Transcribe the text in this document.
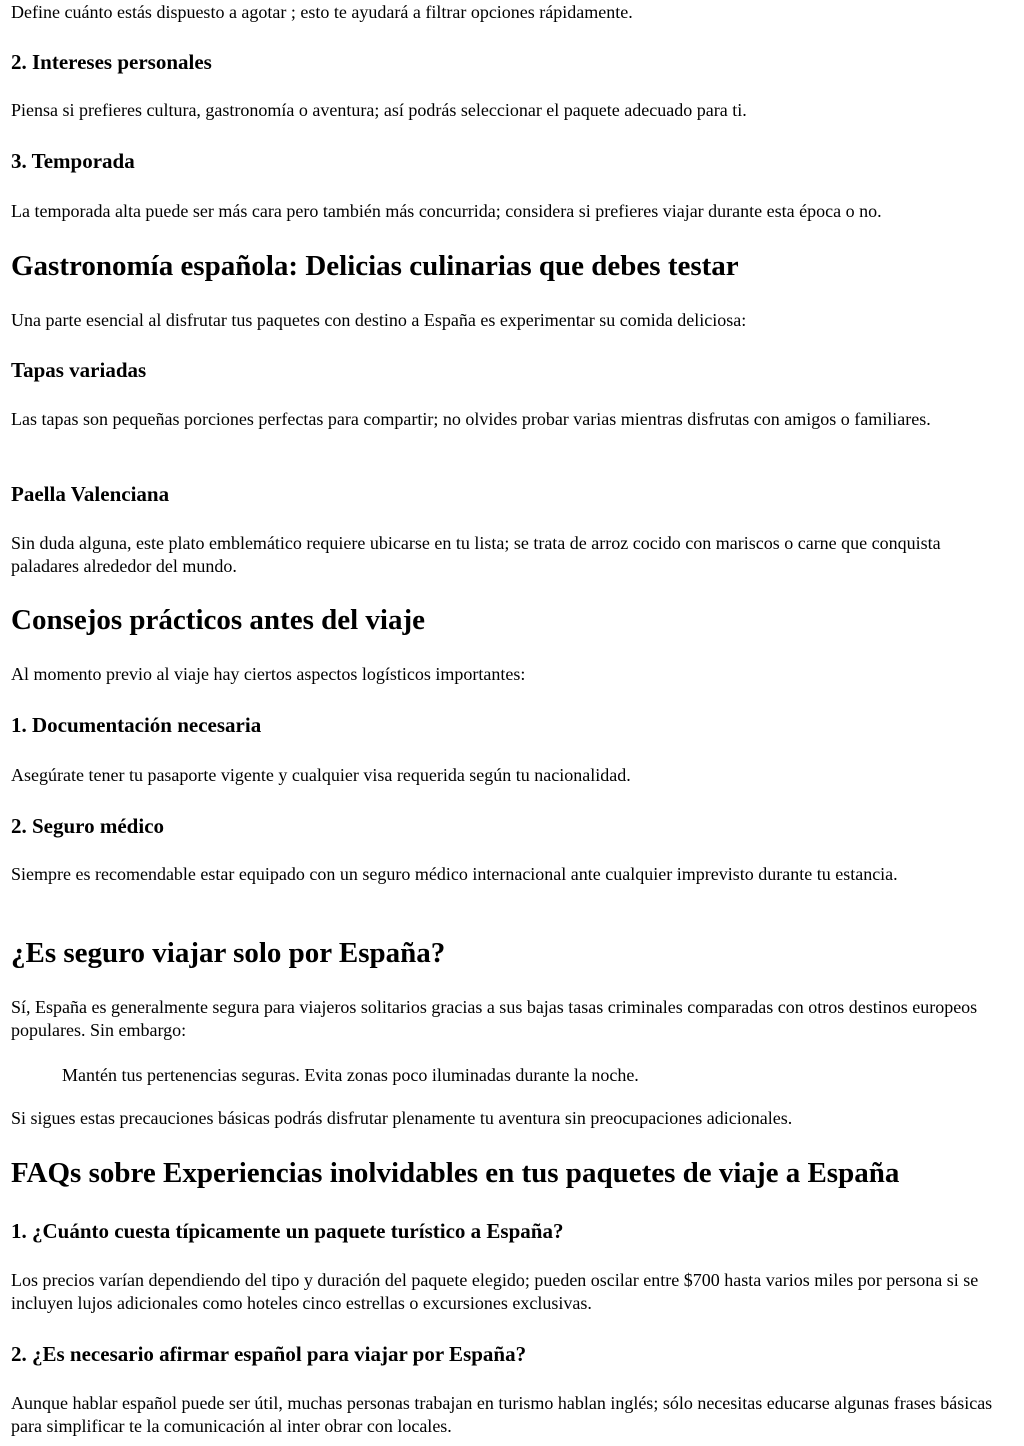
Define cuánto estás dispuesto a agotar ; esto te ayudará a filtrar opciones rápidamente.

2. Intereses personales

Piensa si prefieres cultura, gastronomía o aventura; así podrás seleccionar el paquete adecuado para ti.

3. Temporada

La temporada alta puede ser más cara pero también más concurrida; considera si prefieres viajar durante esta época o no.

Gastronomía española: Delicias culinarias que debes testar

Una parte esencial al disfrutar tus paquetes con destino a España es experimentar su comida deliciosa:

Tapas variadas

Las tapas son pequeñas porciones perfectas para compartir; no olvides probar varias mientras disfrutas con amigos o familiares.

Paella Valenciana

Sin duda alguna, este plato emblemático requiere ubicarse en tu lista; se trata de arroz cocido con mariscos o carne que conquista paladares alrededor del mundo.

Consejos prácticos antes del viaje

Al momento previo al viaje hay ciertos aspectos logísticos importantes:

1. Documentación necesaria

Asegúrate tener tu pasaporte vigente y cualquier visa requerida según tu nacionalidad.

2. Seguro médico

Siempre es recomendable estar equipado con un seguro médico internacional ante cualquier imprevisto durante tu estancia.

¿Es seguro viajar solo por España?

Sí, España es generalmente segura para viajeros solitarios gracias a sus bajas tasas criminales comparadas con otros destinos europeos populares. Sin embargo:

Mantén tus pertenencias seguras. Evita zonas poco iluminadas durante la noche.

Si sigues estas precauciones básicas podrás disfrutar plenamente tu aventura sin preocupaciones adicionales.

FAQs sobre Experiencias inolvidables en tus paquetes de viaje a España
1. ¿Cuánto cuesta típicamente un paquete turístico a España?

Los precios varían dependiendo del tipo y duración del paquete elegido; pueden oscilar entre $700 hasta varios miles por persona si se incluyen lujos adicionales como hoteles cinco estrellas o excursiones exclusivas.

2. ¿Es necesario afirmar español para viajar por España?

Aunque hablar español puede ser útil, muchas personas trabajan en turismo hablan inglés; sólo necesitas educarse algunas frases básicas para simplificar te la comunicación al inter obrar con locales.
